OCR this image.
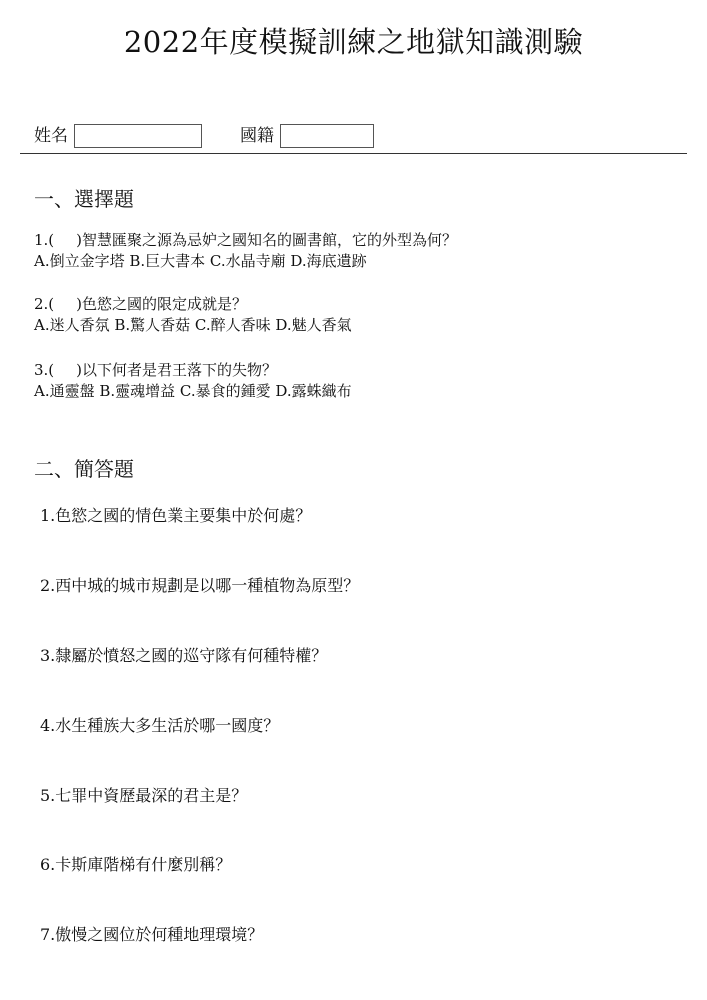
2022年度模擬訓練之地獄知識測驗
姓名	國籍
一、選擇題
1.( )智慧匯聚之源為忌妒之國知名的圖書館，它的外型為何？
A.倒立金字塔 B.巨大書本 C.水晶寺廟 D.海底遺跡
2.( )色慾之國的限定成就是？
A.迷人香氛 B.驚人香菇 C.醉人香味 D.魅人香氣
3.( )以下何者是君王落下的失物？
A.通靈盤 B.靈魂增益 C.暴食的鍾愛 D.露蛛織布
二、簡答題
1.色慾之國的情色業主要集中於何處？
2.西中城的城市規劃是以哪一種植物為原型？
3.隸屬於憤怒之國的巡守隊有何種特權？
4.水生種族大多生活於哪一國度？
5.七罪中資歷最深的君主是？
6.卡斯庫階梯有什麼別稱？
7.傲慢之國位於何種地理環境？
